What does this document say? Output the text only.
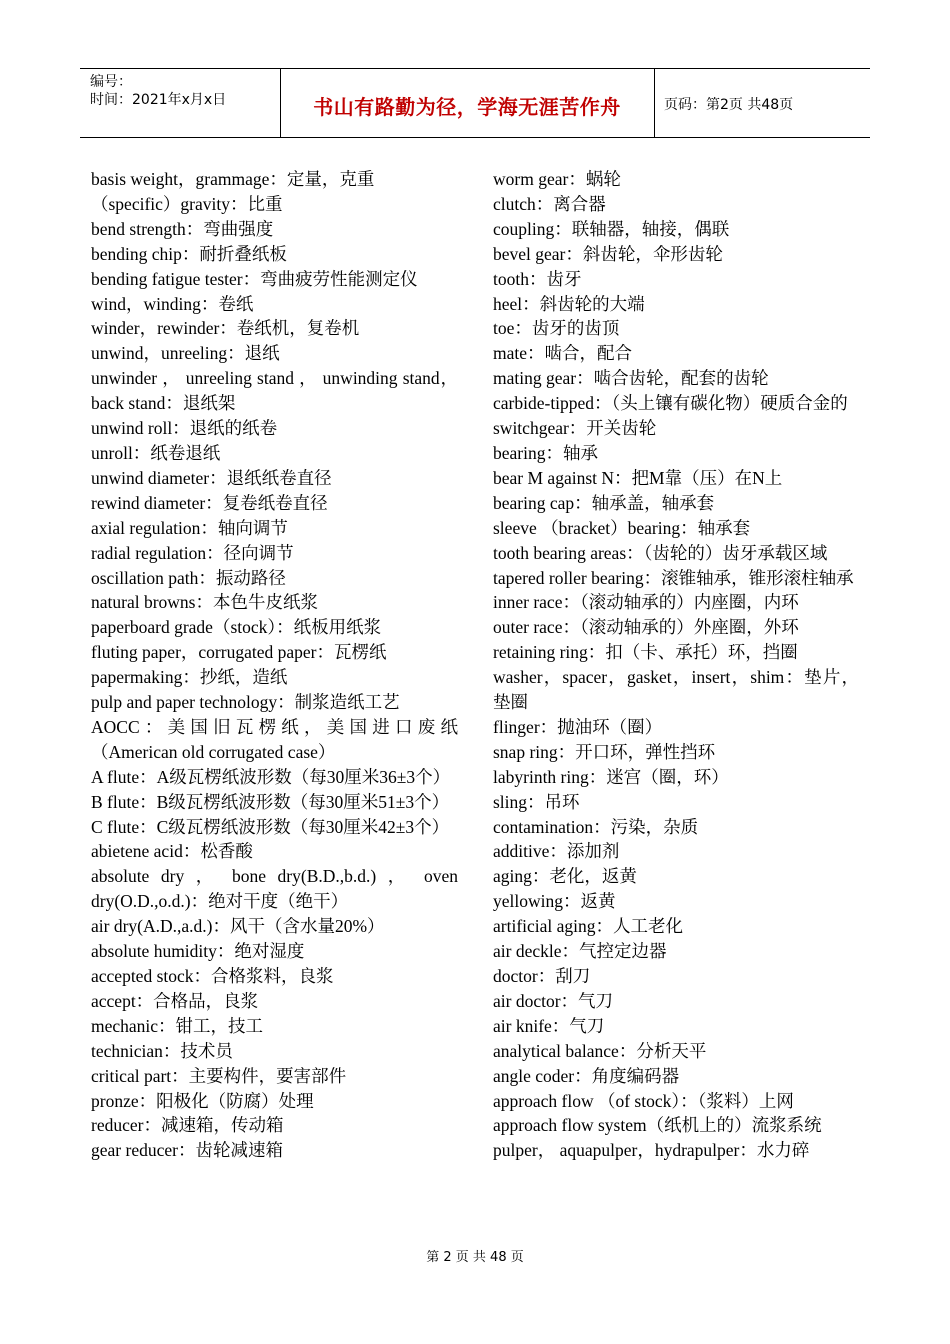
编号：
时间：2021年x月x日	书山有路勤为径，学海无涯苦作舟	页码：第2页 共48页
basis weight，grammage：定量，克重
（specific）gravity：比重
bend strength：弯曲强度
bending chip：耐折叠纸板
bending fatigue tester：弯曲疲劳性能测定仪
wind，winding：卷纸
winder，rewinder：卷纸机，复卷机
unwind，unreeling：退纸
unwinder ， unreeling stand ， unwinding stand，back stand：退纸架
unwind roll：退纸的纸卷
unroll：纸卷退纸
unwind diameter：退纸纸卷直径
rewind diameter：复卷纸卷直径
axial regulation：轴向调节
radial regulation：径向调节
oscillation path：振动路径
natural browns：本色牛皮纸浆
paperboard grade（stock）：纸板用纸浆
fluting paper，corrugated paper：瓦楞纸
papermaking：抄纸，造纸
pulp and paper technology：制浆造纸工艺
AOCC：美国旧瓦楞纸，美国进口废纸（American old corrugated case）
A flute：A级瓦楞纸波形数（每30厘米36±3个）
B flute：B级瓦楞纸波形数（每30厘米51±3个）
C flute：C级瓦楞纸波形数（每30厘米42±3个）
abietene acid：松香酸
absolute dry ， bone dry(B.D.,b.d.) ， oven dry(O.D.,o.d.)：绝对干度（绝干）
air dry(A.D.,a.d.)：风干（含水量20%）
absolute humidity：绝对湿度
accepted stock：合格浆料，良浆
accept：合格品，良浆
mechanic：钳工，技工
technician：技术员
critical part：主要构件，要害部件
pronze：阳极化（防腐）处理
reducer：减速箱，传动箱
gear reducer：齿轮减速箱
worm gear：蜗轮
clutch：离合器
coupling：联轴器，轴接，偶联
bevel gear：斜齿轮，伞形齿轮
tooth：齿牙
heel：斜齿轮的大端
toe：齿牙的齿顶
mate：啮合，配合
mating gear：啮合齿轮，配套的齿轮
carbide-tipped：（头上镶有碳化物）硬质合金的
switchgear：开关齿轮
bearing：轴承
bear M against N：把M靠（压）在N上
bearing cap：轴承盖，轴承套
sleeve （bracket）bearing：轴承套
tooth bearing areas：（齿轮的）齿牙承载区域
tapered roller bearing：滚锥轴承，锥形滚柱轴承
inner race：（滚动轴承的）内座圈，内环
outer race：（滚动轴承的）外座圈，外环
retaining ring：扣（卡、承托）环，挡圈
washer，spacer，gasket，insert，shim：垫片，垫圈
flinger：抛油环（圈）
snap ring：开口环，弹性挡环
labyrinth ring：迷宫（圈，环）
sling：吊环
contamination：污染，杂质
additive：添加剂
aging：老化，返黄
yellowing：返黄
artificial aging：人工老化
air deckle：气控定边器
doctor：刮刀
air doctor：气刀
air knife：气刀
analytical balance：分析天平
angle coder：角度编码器
approach flow （of stock）：（浆料）上网
approach flow system（纸机上的）流浆系统
pulper， aquapulper，hydrapulper：水力碎
第 2 页 共 48 页
